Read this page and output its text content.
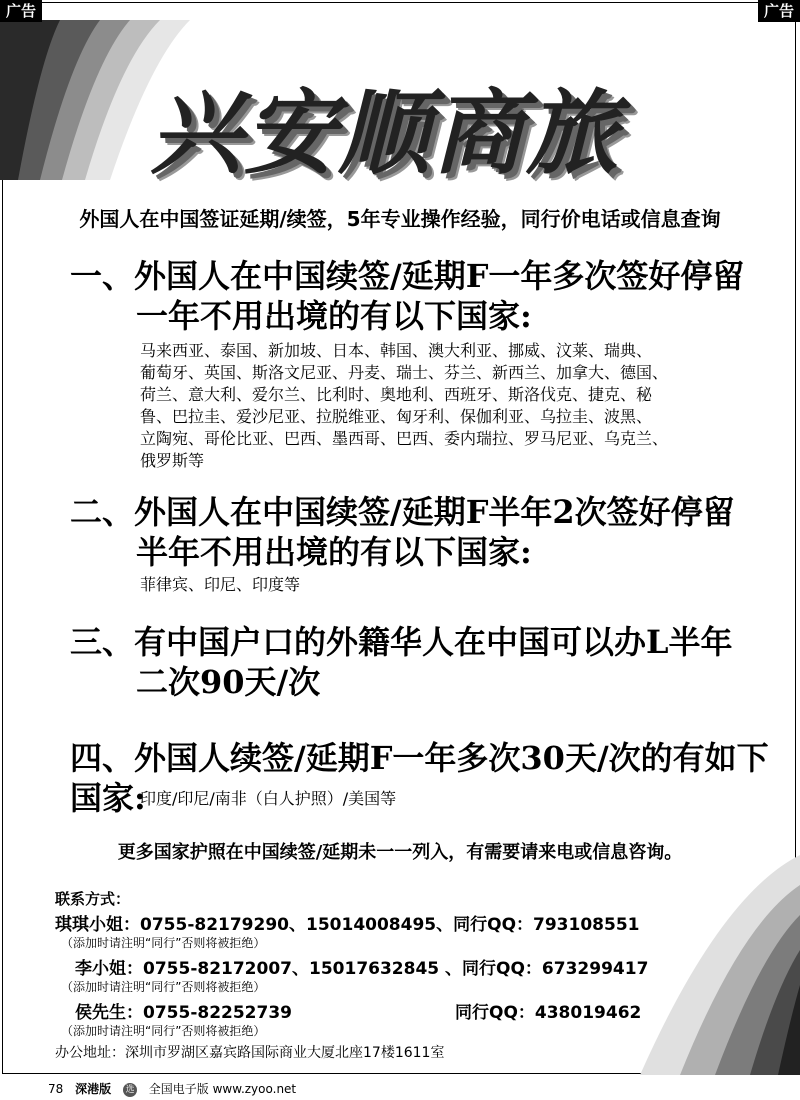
广告	广告
兴安顺商旅
外国人在中国签证延期/续签，5年专业操作经验，同行价电话或信息查询
一、外国人在中国续签/延期F一年多次签好停留
一年不用出境的有以下国家:
马来西亚、泰国、新加坡、日本、韩国、澳大利亚、挪威、汶莱、瑞典、
葡萄牙、英国、斯洛文尼亚、丹麦、瑞士、芬兰、新西兰、加拿大、德国、
荷兰、意大利、爱尔兰、比利时、奥地利、西班牙、斯洛伐克、捷克、秘
鲁、巴拉圭、爱沙尼亚、拉脱维亚、匈牙利、保伽利亚、乌拉圭、波黑、
立陶宛、哥伦比亚、巴西、墨西哥、巴西、委内瑞拉、罗马尼亚、乌克兰、
俄罗斯等
二、外国人在中国续签/延期F半年2次签好停留
半年不用出境的有以下国家:
菲律宾、印尼、印度等
三、有中国户口的外籍华人在中国可以办L半年
二次90天/次
四、外国人续签/延期F一年多次30天/次的有如下国家:
印度/印尼/南非（白人护照）/美国等
更多国家护照在中国续签/延期未一一列入，有需要请来电或信息咨询。
联系方式：
琪琪小姐：0755-82179290、15014008495、同行QQ：793108551
（添加时请注明“同行”否则将被拒绝）
李小姐：0755-82172007、15017632845 、同行QQ：673299417
（添加时请注明“同行”否则将被拒绝）
侯先生：0755-82252739	同行QQ：438019462
（添加时请注明“同行”否则将被拒绝）
办公地址：深圳市罗湖区嘉宾路国际商业大厦北座17楼1611室
78 深港版 选 全国电子版 www.zyoo.net
